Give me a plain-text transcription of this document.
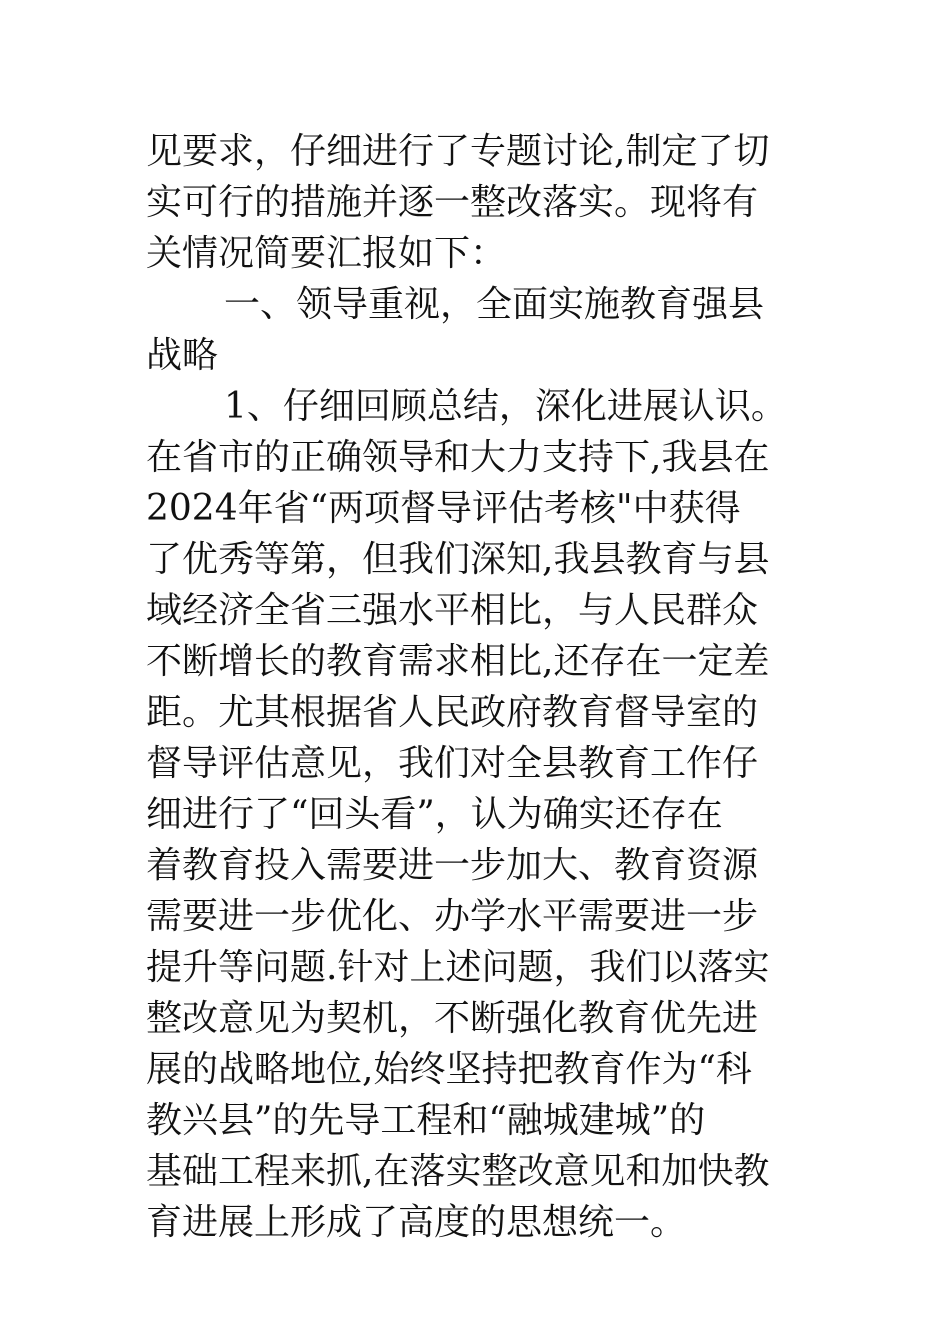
见要求，仔细进行了专题讨论,制定了切
实可行的措施并逐一整改落实。现将有
关情况简要汇报如下：
一、领导重视，全面实施教育强县
战略
1、仔细回顾总结，深化进展认识。
在省市的正确领导和大力支持下,我县在
2024年省“两项督导评估考核"中获得
了优秀等第，但我们深知,我县教育与县
域经济全省三强水平相比，与人民群众
不断增长的教育需求相比,还存在一定差
距。尤其根据省人民政府教育督导室的
督导评估意见，我们对全县教育工作仔
细进行了“回头看”，认为确实还存在
着教育投入需要进一步加大、教育资源
需要进一步优化、办学水平需要进一步
提升等问题.针对上述问题，我们以落实
整改意见为契机，不断强化教育优先进
展的战略地位,始终坚持把教育作为“科
教兴县”的先导工程和“融城建城”的
基础工程来抓,在落实整改意见和加快教
育进展上形成了高度的思想统一。
